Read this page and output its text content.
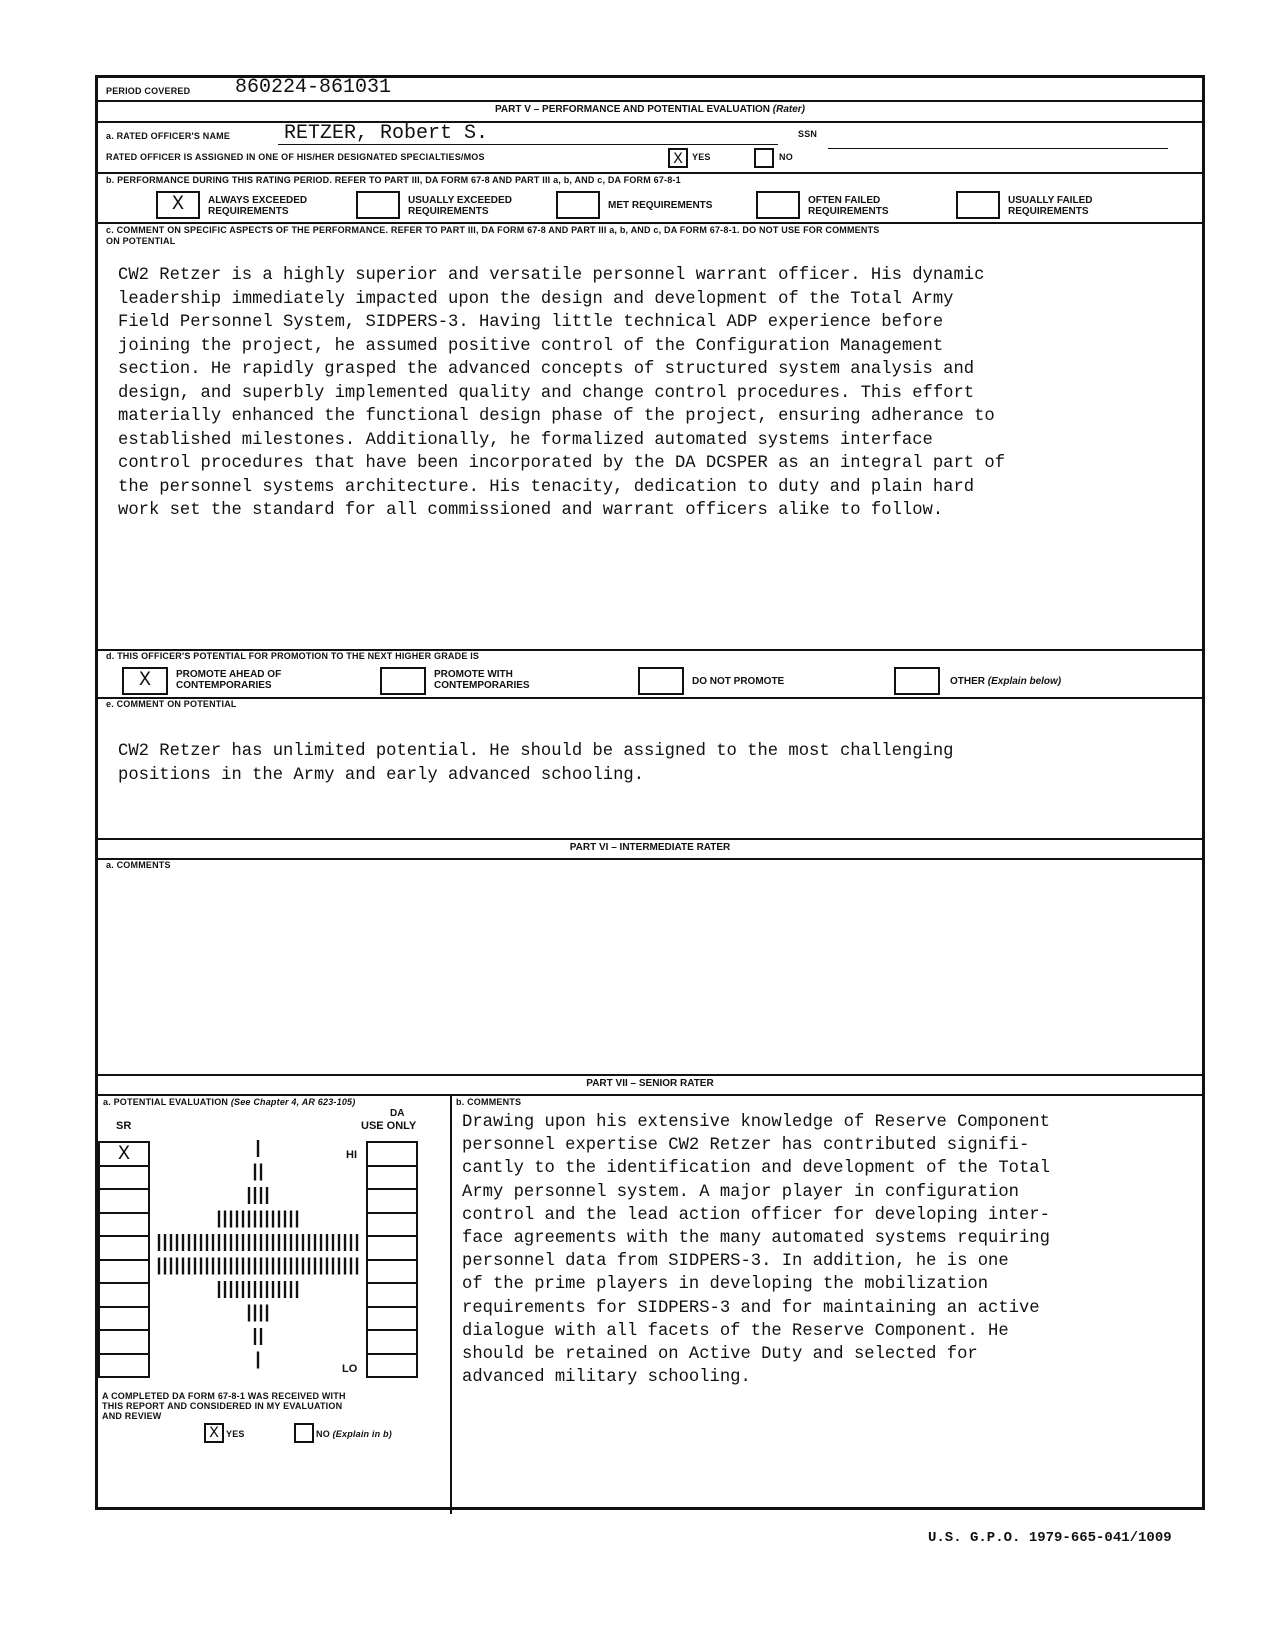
PERIOD COVERED 860224-861031
PART V – PERFORMANCE AND POTENTIAL EVALUATION (Rater)
a. RATED OFFICER'S NAME	RETZER, Robert S.	SSN
RATED OFFICER IS ASSIGNED IN ONE OF HIS/HER DESIGNATED SPECIALTIES/MOS	X	YES	NO
b. PERFORMANCE DURING THIS RATING PERIOD. REFER TO PART III, DA FORM 67-8 AND PART III a, b, AND c, DA FORM 67-8-1
X	ALWAYS EXCEEDED
REQUIREMENTS
USUALLY EXCEEDED
REQUIREMENTS
MET REQUIREMENTS	OFTEN FAILED
REQUIREMENTS
USUALLY FAILED
REQUIREMENTS
c. COMMENT ON SPECIFIC ASPECTS OF THE PERFORMANCE. REFER TO PART III, DA FORM 67-8 AND PART III a, b, AND c, DA FORM 67-8-1. DO NOT USE FOR COMMENTS
ON POTENTIAL
CW2 Retzer is a highly superior and versatile personnel warrant officer. His dynamic
leadership immediately impacted upon the design and development of the Total Army
Field Personnel System, SIDPERS-3. Having little technical ADP experience before
joining the project, he assumed positive control of the Configuration Management
section. He rapidly grasped the advanced concepts of structured system analysis and
design, and superbly implemented quality and change control procedures. This effort
materially enhanced the functional design phase of the project, ensuring adherance to
established milestones. Additionally, he formalized automated systems interface
control procedures that have been incorporated by the DA DCSPER as an integral part of
the personnel systems architecture. His tenacity, dedication to duty and plain hard
work set the standard for all commissioned and warrant officers alike to follow.
d. THIS OFFICER'S POTENTIAL FOR PROMOTION TO THE NEXT HIGHER GRADE IS
X	PROMOTE AHEAD OF
CONTEMPORARIES
PROMOTE WITH
CONTEMPORARIES	DO NOT PROMOTE	OTHER (Explain below)
e. COMMENT ON POTENTIAL
CW2 Retzer has unlimited potential. He should be assigned to the most challenging
positions in the Army and early advanced schooling.
PART VI – INTERMEDIATE RATER
a. COMMENTS
PART VII – SENIOR RATER
a. POTENTIAL EVALUATION (See Chapter 4, AR 623-105)
DA
USE ONLY
SR
HI
LO
A COMPLETED DA FORM 67-8-1 WAS RECEIVED WITH
THIS REPORT AND CONSIDERED IN MY EVALUATION
AND REVIEW
X YES	NO (Explain in b)
b. COMMENTS
Drawing upon his extensive knowledge of Reserve Component
personnel expertise CW2 Retzer has contributed signifi-
cantly to the identification and development of the Total
Army personnel system. A major player in configuration
control and the lead action officer for developing inter-
face agreements with the many automated systems requiring
personnel data from SIDPERS-3. In addition, he is one
of the prime players in developing the mobilization
requirements for SIDPERS-3 and for maintaining an active
dialogue with all facets of the Reserve Component. He
should be retained on Active Duty and selected for
advanced military schooling.
X
U.S. G.P.O. 1979-665-041/1009
